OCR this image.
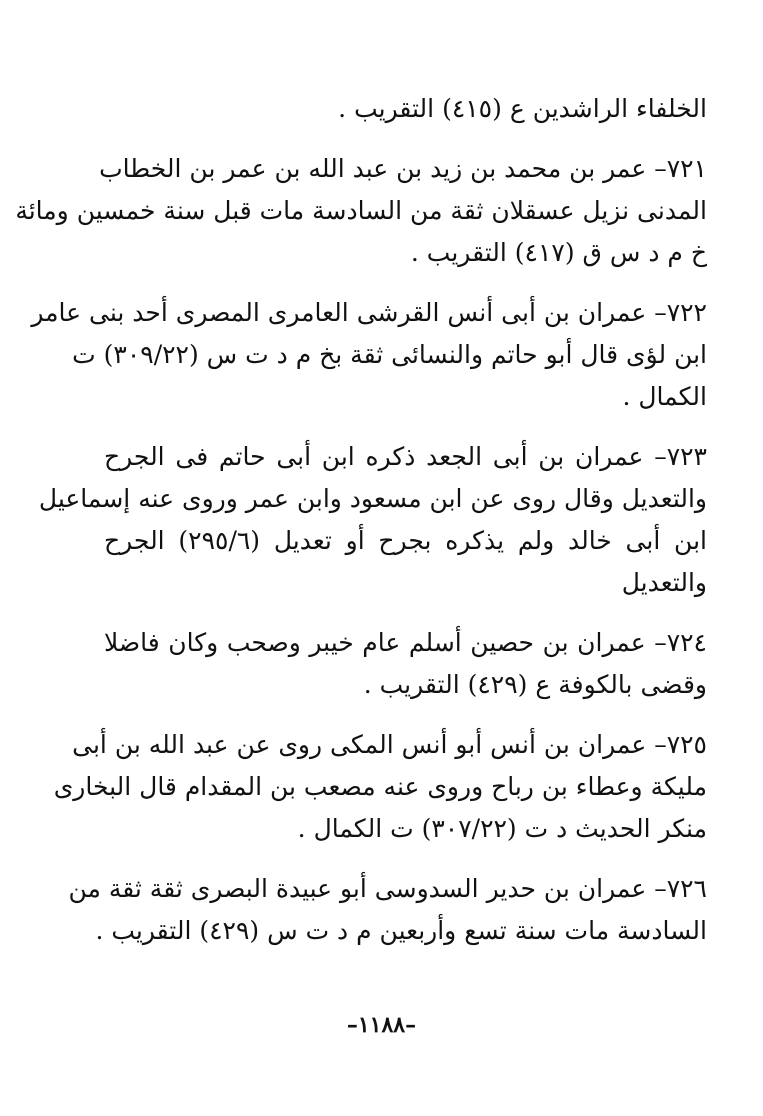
الخلفاء الراشدين ع (٤١٥) التقريب .
٧٢١– عمر بن محمد بن زيد بن عبد الله بن عمر بن الخطاب
المدنى نزيل عسقلان ثقة من السادسة مات قبل سنة خمسين ومائة
خ م د س ق (٤١٧) التقريب .
٧٢٢– عمران بن أبى أنس القرشى العامرى المصرى أحد بنى عامر
ابن لؤى قال أبو حاتم والنسائى ثقة بخ م د ت س (٣٠٩/٢٢) ت
الكمال .
٧٢٣– عمران بن أبى الجعد ذكره ابن أبى حاتم فى الجرح
والتعديل وقال روى عن ابن مسعود وابن عمر وروى عنه إسماعيل
ابن أبى خالد ولم يذكره بجرح أو تعديل (٢٩٥/٦) الجرح
والتعديل
٧٢٤– عمران بن حصين أسلم عام خيبر وصحب وكان فاضلا
وقضى بالكوفة ع (٤٢٩) التقريب .
٧٢٥– عمران بن أنس أبو أنس المكى روى عن عبد الله بن أبى
مليكة وعطاء بن رباح وروى عنه مصعب بن المقدام قال البخارى
منكر الحديث د ت (٣٠٧/٢٢) ت الكمال .
٧٢٦– عمران بن حدير السدوسى أبو عبيدة البصرى ثقة ثقة من
السادسة مات سنة تسع وأربعين م د ت س (٤٢٩) التقريب .
–١١٨٨–
